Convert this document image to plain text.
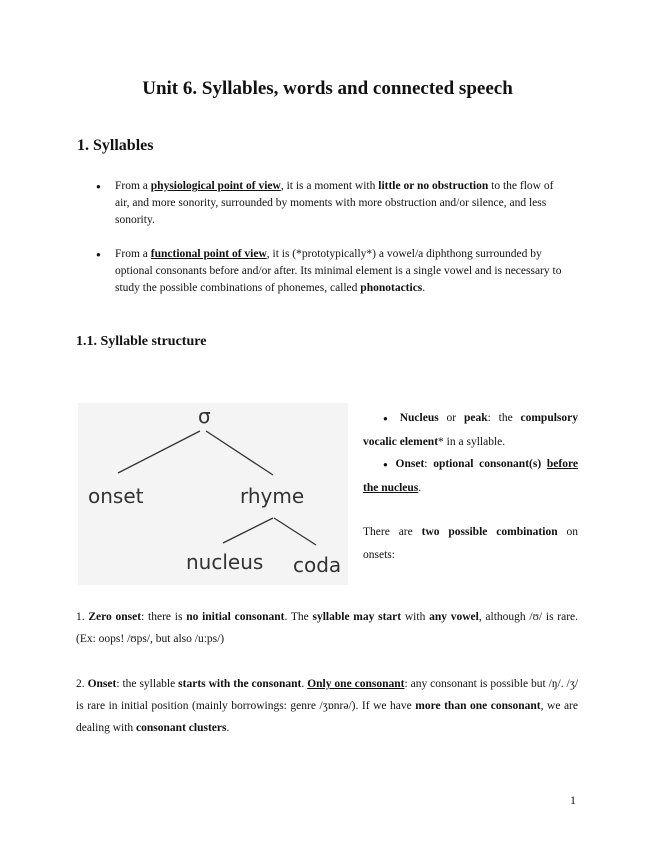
Unit 6. Syllables, words and connected speech
1. Syllables
● From a physiological point of view, it is a moment with little or no obstruction to the flow of air, and more sonority, surrounded by moments with more obstruction and/or silence, and less sonority.
● From a functional point of view, it is (*prototypically*) a vowel/a diphthong surrounded by optional consonants before and/or after. Its minimal element is a single vowel and is necessary to study the possible combinations of phonemes, called phonotactics.
1.1. Syllable structure
σ
onset	rhyme
nucleus coda

● Nucleus or peak: the compulsory vocalic element* in a syllable.

● Onset: optional consonant(s) before the nucleus.

There are two possible combination on onsets:

1. Zero onset: there is no initial consonant. The syllable may start with any vowel, although /ʊ/ is rare. (Ex: oops! /ʊps/, but also /uːps/)

2. Onset: the syllable starts with the consonant. Only one consonant: any consonant is possible but /ŋ/. /ʒ/ is rare in initial position (mainly borrowings: genre /ʒɒnrə/). If we have more than one consonant, we are dealing with consonant clusters.

1
